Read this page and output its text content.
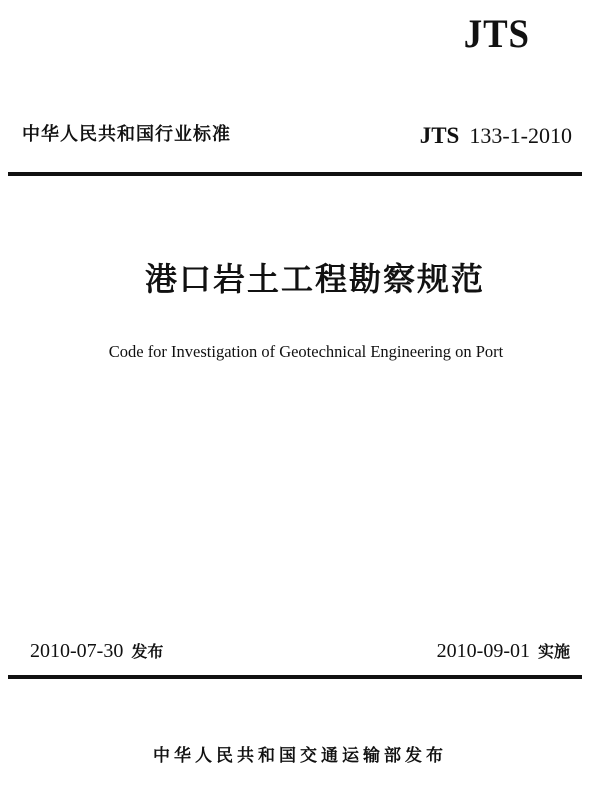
JTS
中华人民共和国行业标准	JTS 133-1-2010
港口岩土工程勘察规范
Code for Investigation of Geotechnical Engineering on Port
2010-07-30 发布	2010-09-01 实施
中华人民共和国交通运输部发布
